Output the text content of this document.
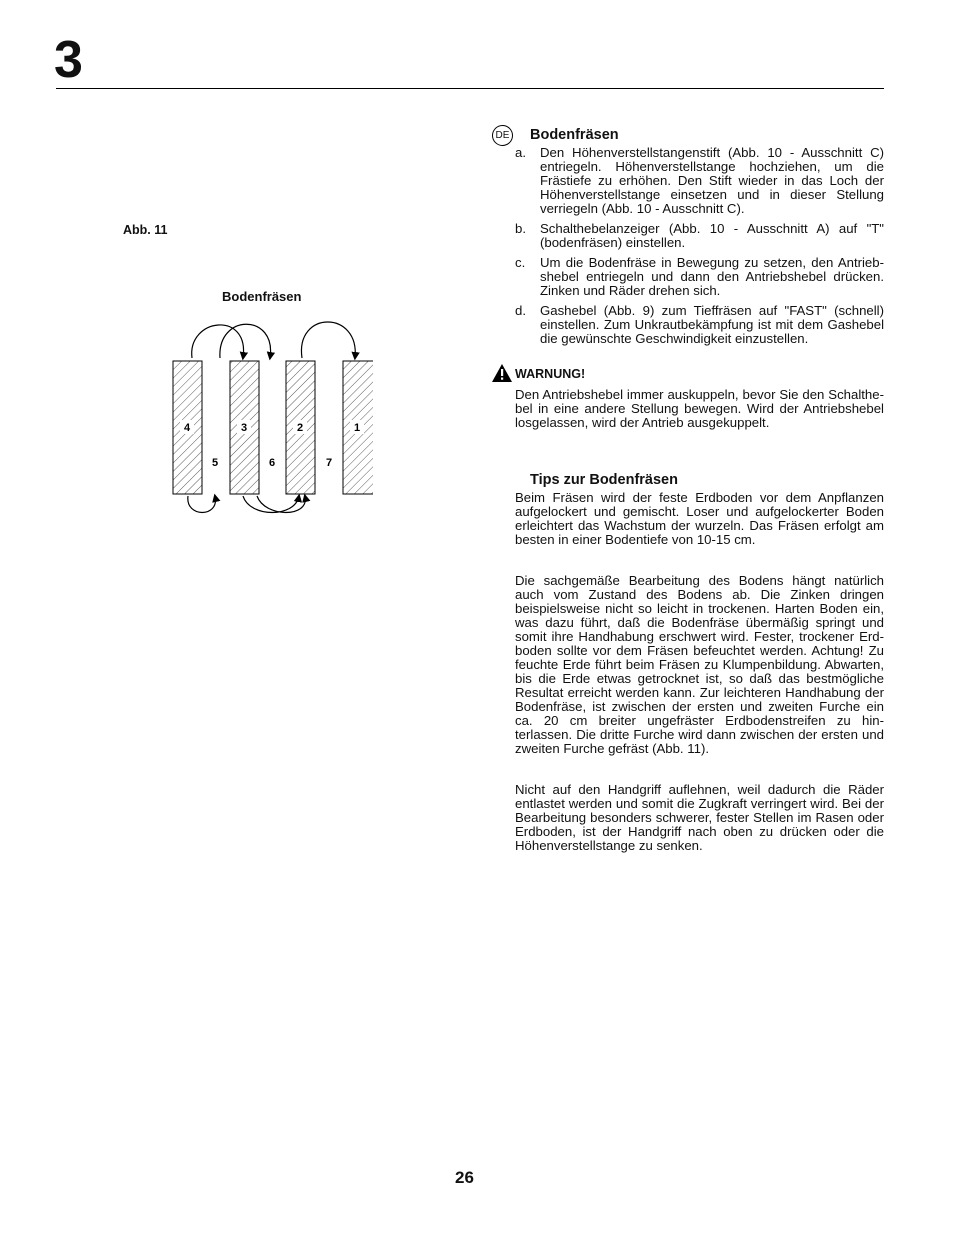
3
Abb. 11
Bodenfräsen
4	3	2	1
5	6	7
DE Bodenfräsen
a. Den Höhenverstellstangenstift (Abb. 10 - Ausschnitt C) entriegeln. Höhenverstellstange hochziehen, um die Frästiefe zu erhöhen. Den Stift wieder in das Loch der Höhenverstellstange einsetzen und in dieser Stellung verriegeln (Abb. 10 - Ausschnitt C).
b. Schalthebelanzeiger (Abb. 10 - Ausschnitt A) auf "T" (bodenfräsen) einstellen.
c. Um die Bodenfräse in Bewegung zu setzen, den Antrieb-shebel entriegeln und dann den Antriebshebel drücken. Zinken und Räder drehen sich.
d. Gashebel (Abb. 9) zum Tieffräsen auf "FAST" (schnell) einstellen. Zum Unkrautbekämpfung ist mit dem Gashebel die gewünschte Geschwindigkeit einzustellen.
WARNUNG!
Den Antriebshebel immer auskuppeln, bevor Sie den Schalthe-bel in eine andere Stellung bewegen. Wird der Antriebshebel losgelassen, wird der Antrieb ausgekuppelt.
Tips zur Bodenfräsen

Beim Fräsen wird der feste Erdboden vor dem Anpflanzen aufgelockert und gemischt. Loser und aufgelockerter Boden erleichtert das Wachstum der wurzeln. Das Fräsen erfolgt am besten in einer Bodentiefe von 10-15 cm.

Die sachgemäße Bearbeitung des Bodens hängt natürlich auch vom Zustand des Bodens ab. Die Zinken dringen beispielsweise nicht so leicht in trockenen. Harten Boden ein, was dazu führt, daß die Bodenfräse übermäßig springt und somit ihre Handhabung erschwert wird. Fester, trockener Erd-boden sollte vor dem Fräsen befeuchtet werden. Achtung! Zu feuchte Erde führt beim Fräsen zu Klumpenbildung. Abwarten, bis die Erde etwas getrocknet ist, so daß das bestmögliche Resultat erreicht werden kann. Zur leichteren Handhabung der Bodenfräse, ist zwischen der ersten und zweiten Furche ein ca. 20 cm breiter ungefräster Erdbodenstreifen zu hin-terlassen. Die dritte Furche wird dann zwischen der ersten und zweiten Furche gefräst (Abb. 11).

Nicht auf den Handgriff auflehnen, weil dadurch die Räder entlastet werden und somit die Zugkraft verringert wird. Bei der Bearbeitung besonders schwerer, fester Stellen im Rasen oder Erdboden, ist der Handgriff nach oben zu drücken oder die Höhenverstellstange zu senken.

26
